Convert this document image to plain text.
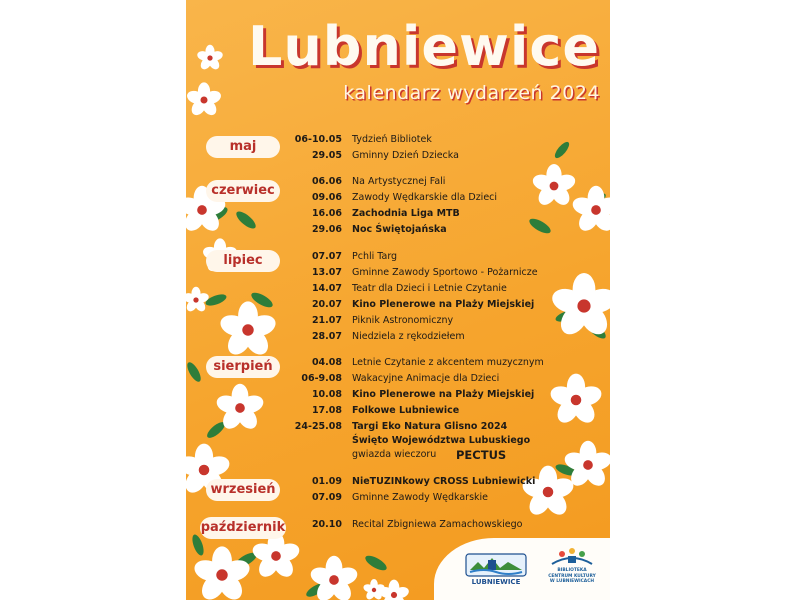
Lubniewice
kalendarz wydarzeń 2024
maj
czerwiec
lipiec
sierpień
wrzesień
październik
06-10.05 Tydzień Bibliotek
29.05 Gminny Dzień Dziecka
06.06 Na Artystycznej Fali
09.06 Zawody Wędkarskie dla Dzieci
16.06 Zachodnia Liga MTB
29.06 Noc Świętojańska
07.07 Pchli Targ
13.07 Gminne Zawody Sportowo - Pożarnicze
14.07 Teatr dla Dzieci i Letnie Czytanie
20.07 Kino Plenerowe na Plaży Miejskiej
21.07 Piknik Astronomiczny
28.07 Niedziela z rękodziełem
04.08 Letnie Czytanie z akcentem muzycznym
06-9.08 Wakacyjne Animacje dla Dzieci
10.08 Kino Plenerowe na Plaży Miejskiej
17.08 Folkowe Lubniewice
24-25.08 Targi Eko Natura Glisno 2024
Święto Województwa Lubuskiego
gwiazda wieczoru PECTUS
01.09 NieTUZINkowy CROSS Lubniewicki
07.09 Gminne Zawody Wędkarskie
20.10 Recital Zbigniewa Zamachowskiego
LUBNIEWICE
BIBLIOTEKA
CENTRUM KULTURY
W LUBNIEWICACH
